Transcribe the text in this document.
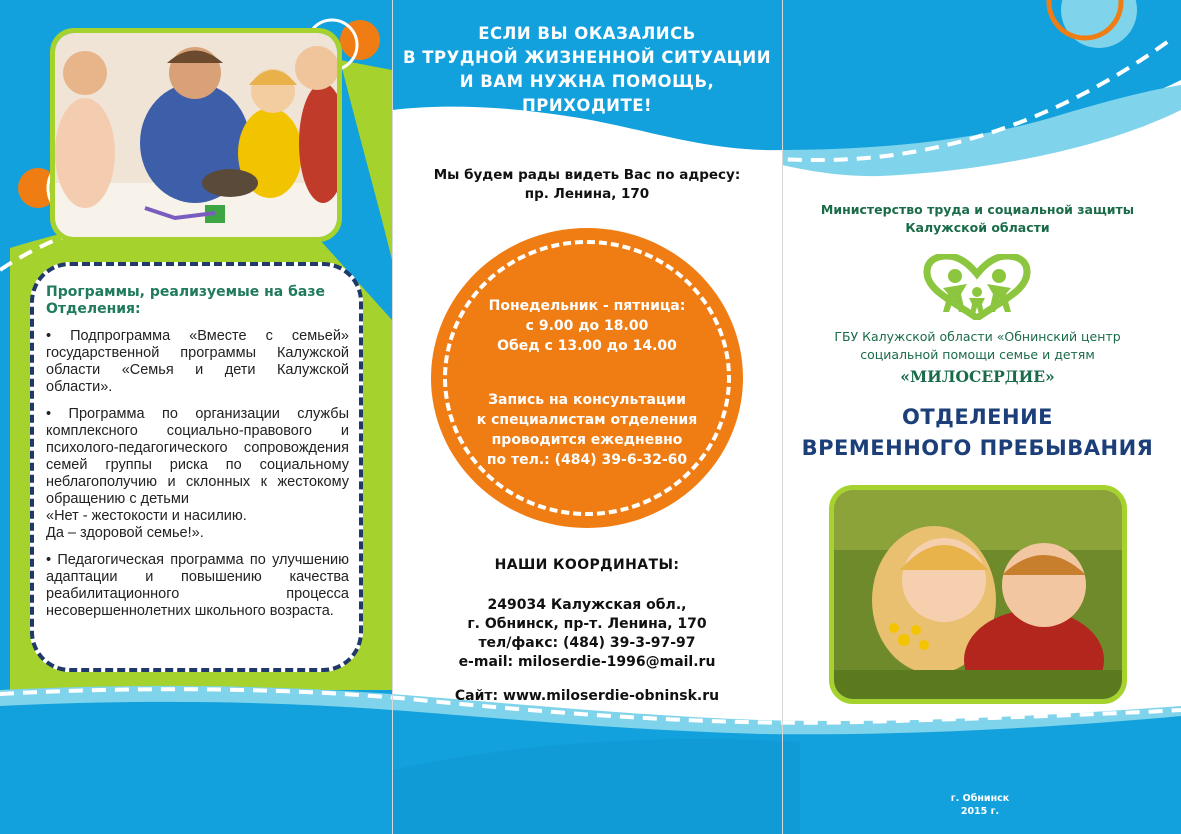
Программы, реализуемые на базе Отделения:

• Подпрограмма «Вместе с семьей» государственной программы Калужской области «Семья и дети Калужской области».

• Программа по организации службы комплексного социально-правового и психолого-педагогического сопровождения семей группы риска по социальному неблагополучию и склонных к жестокому обращению с детьми
«Нет - жестокости и насилию.
Да – здоровой семье!».

• Педагогическая программа по улучшению адаптации и повышению качества реабилитационного процесса несовершеннолетних школьного возраста.

ЕСЛИ ВЫ ОКАЗАЛИСЬ
В ТРУДНОЙ ЖИЗНЕННОЙ СИТУАЦИИ
И ВАМ НУЖНА ПОМОЩЬ,
ПРИХОДИТЕ!
Мы будем рады видеть Вас по адресу:
пр. Ленина, 170
Понедельник - пятница:
с 9.00 до 18.00
Обед с 13.00 до 14.00
Запись на консультации
к специалистам отделения
проводится ежедневно
по тел.: (484) 39-6-32-60
НАШИ КООРДИНАТЫ:
249034 Калужская обл.,
г. Обнинск, пр-т. Ленина, 170
тел/факс: (484) 39-3-97-97
e-mail: miloserdie-1996@mail.ru
Сайт: www.miloserdie-obninsk.ru
Министерство труда и социальной защиты
Калужской области
ГБУ Калужской области «Обнинский центр
социальной помощи семье и детям
«МИЛОСЕРДИЕ»
ОТДЕЛЕНИЕ
ВРЕМЕННОГО ПРЕБЫВАНИЯ
г. Обнинск
2015 г.
